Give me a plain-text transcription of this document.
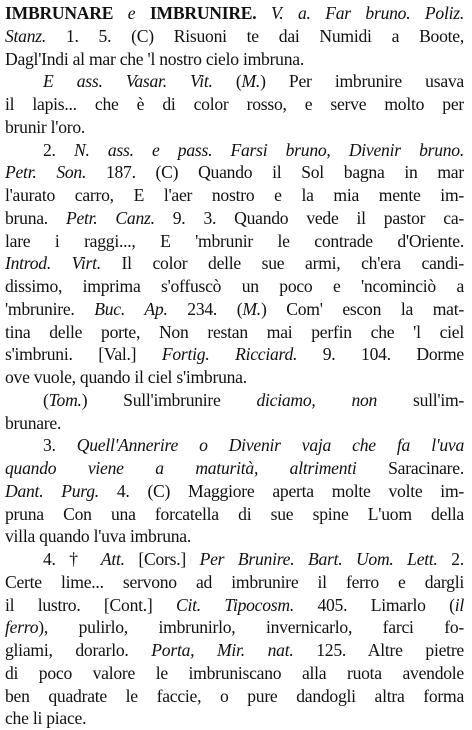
IMBRUNARE e IMBRUNIRE. V. a. Far bruno. Poliz.
Stanz. 1. 5. (C) Risuoni te dai Numidi a Boote,
Dagl'Indi al mar che 'l nostro cielo imbruna.
E ass. Vasar. Vit. (M.) Per imbrunire usava
il lapis... che è di color rosso, e serve molto per
brunir l'oro.
2. N. ass. e pass. Farsi bruno, Divenir bruno.
Petr. Son. 187. (C) Quando il Sol bagna in mar
l'aurato carro, E l'aer nostro e la mia mente im-
bruna. Petr. Canz. 9. 3. Quando vede il pastor ca-
lare i raggi..., E 'mbrunir le contrade d'Oriente.
Introd. Virt. Il color delle sue armi, ch'era candi-
dissimo, imprima s'offuscò un poco e 'ncominciò a
'mbrunire. Buc. Ap. 234. (M.) Com' escon la mat-
tina delle porte, Non restan mai perfin che 'l ciel
s'imbruni. [Val.] Fortig. Ricciard. 9. 104. Dorme
ove vuole, quando il ciel s'imbruna.
(Tom.) Sull'imbrunire diciamo, non sull'im-
brunare.
3. Quell'Annerire o Divenir vaja che fa l'uva
quando viene a maturità, altrimenti Saracinare.
Dant. Purg. 4. (C) Maggiore aperta molte volte im-
pruna Con una forcatella di sue spine L'uom della
villa quando l'uva imbruna.
4. † Att. [Cors.] Per Brunire. Bart. Uom. Lett. 2.
Certe lime... servono ad imbrunire il ferro e dargli
il lustro. [Cont.] Cit. Tipocosm. 405. Limarlo (il
ferro), pulirlo, imbrunirlo, invernicarlo, farci fo-
gliami, dorarlo. Porta, Mir. nat. 125. Altre pietre
di poco valore le imbruniscano alla ruota avendole
ben quadrate le faccie, o pure dandogli altra forma
che li piace.
